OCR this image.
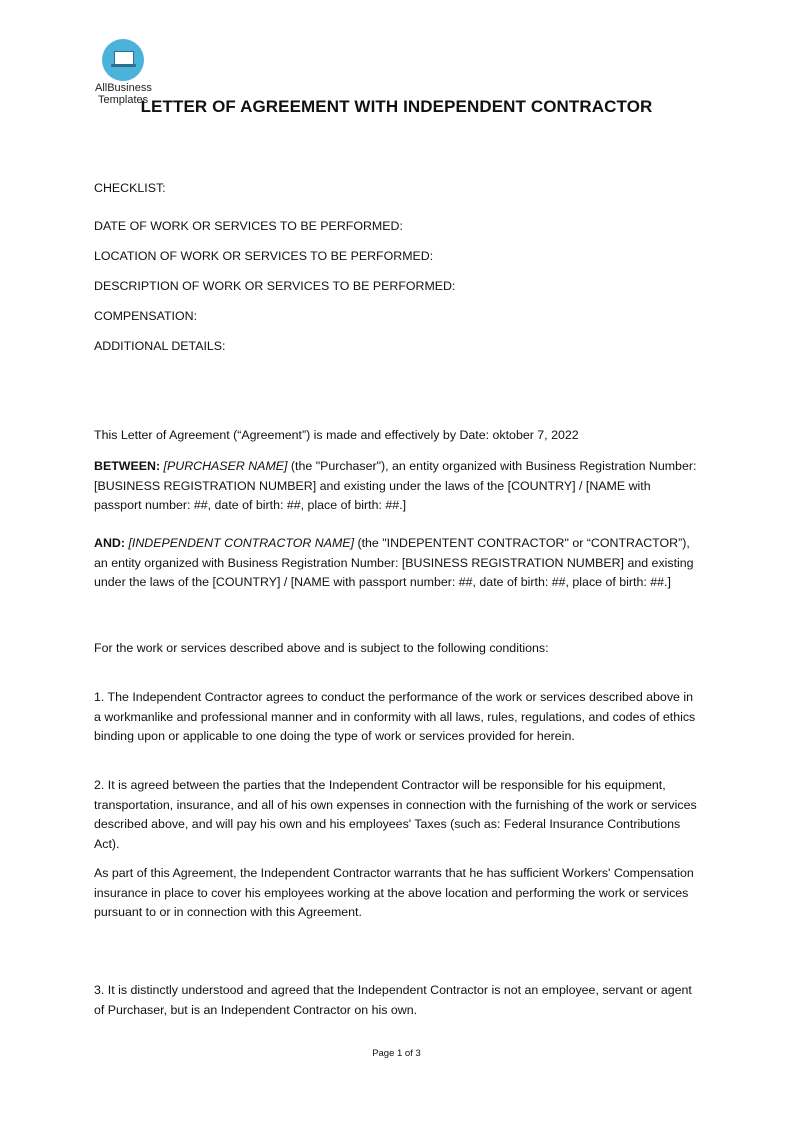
AllBusiness
Templates
LETTER OF AGREEMENT WITH INDEPENDENT CONTRACTOR
CHECKLIST:
DATE OF WORK OR SERVICES TO BE PERFORMED:
LOCATION OF WORK OR SERVICES TO BE PERFORMED:
DESCRIPTION OF WORK OR SERVICES TO BE PERFORMED:
COMPENSATION:
ADDITIONAL DETAILS:
This Letter of Agreement (“Agreement”) is made and effectively by Date: oktober 7, 2022
BETWEEN: [PURCHASER NAME] (the "Purchaser"), an entity organized with Business Registration Number: [BUSINESS REGISTRATION NUMBER] and existing under the laws of the [COUNTRY] / [NAME with passport number: ##, date of birth: ##, place of birth: ##.]
AND: [INDEPENDENT CONTRACTOR NAME] (the "INDEPENTENT CONTRACTOR" or “CONTRACTOR”), an entity organized with Business Registration Number: [BUSINESS REGISTRATION NUMBER] and existing under the laws of the [COUNTRY] / [NAME with passport number: ##, date of birth: ##, place of birth: ##.]
For the work or services described above and is subject to the following conditions:
1. The Independent Contractor agrees to conduct the performance of the work or services described above in a workmanlike and professional manner and in conformity with all laws, rules, regulations, and codes of ethics binding upon or applicable to one doing the type of work or services provided for herein.
2. It is agreed between the parties that the Independent Contractor will be responsible for his equipment, transportation, insurance, and all of his own expenses in connection with the furnishing of the work or services described above, and will pay his own and his employees' Taxes (such as: Federal Insurance Contributions Act).
As part of this Agreement, the Independent Contractor warrants that he has sufficient Workers' Compensation insurance in place to cover his employees working at the above location and performing the work or services pursuant to or in connection with this Agreement.
3. It is distinctly understood and agreed that the Independent Contractor is not an employee, servant or agent of Purchaser, but is an Independent Contractor on his own.
Page 1 of 3
